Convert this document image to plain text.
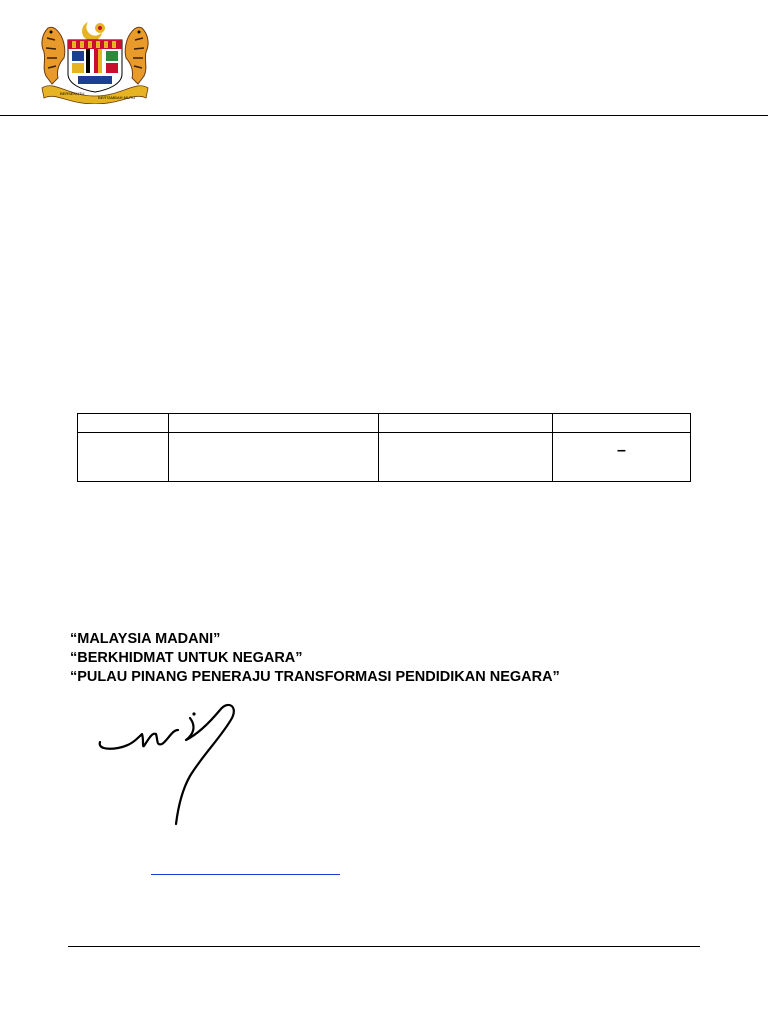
BERSEKUTU
BERTAMBAH MUTU

			–
“MALAYSIA MADANI”
“BERKHIDMAT UNTUK NEGARA”
“PULAU PINANG PENERAJU TRANSFORMASI PENDIDIKAN NEGARA”
